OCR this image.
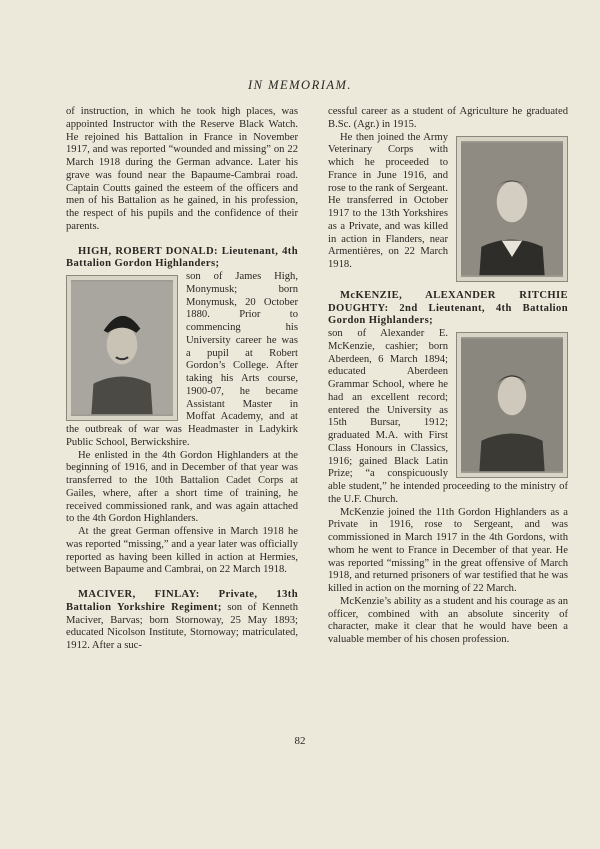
IN MEMORIAM.

of instruction, in which he took high places, was appointed Instructor with the Reserve Black Watch. He rejoined his Battalion in France in November 1917, and was reported “wounded and missing” on 22 March 1918 during the German advance. Later his grave was found near the Bapaume-Cambrai road. Captain Coutts gained the esteem of the officers and men of his Battalion as he gained, in his profession, the respect of his pupils and the confidence of their parents.

HIGH, ROBERT DONALD: Lieutenant, 4th Battalion Gordon Highlanders;

son of James High, Monymusk; born Monymusk, 20 October 1880. Prior to commencing his University career he was a pupil at Robert Gordon’s College. After taking his Arts course, 1900-07, he became Assistant Master in Moffat Academy, and at the outbreak of war was Headmaster in Ladykirk Public School, Berwickshire.

He enlisted in the 4th Gordon Highlanders at the beginning of 1916, and in December of that year was transferred to the 10th Battalion Cadet Corps at Gailes, where, after a short time of training, he received commissioned rank, and was again attached to the 4th Gordon Highlanders.

At the great German offensive in March 1918 he was reported “missing,” and a year later was officially reported as having been killed in action at Hermies, between Bapaume and Cambrai, on 22 March 1918.

MACIVER, FINLAY: Private, 13th Battalion Yorkshire Regiment; son of Kenneth Maciver, Barvas; born Stornoway, 25 May 1893; educated Nicolson Institute, Stornoway; matriculated, 1912. After a suc-

cessful career as a student of Agriculture he graduated B.Sc. (Agr.) in 1915.

He then joined the Army Veterinary Corps with which he proceeded to France in June 1916, and rose to the rank of Sergeant. He transferred in October 1917 to the 13th Yorkshires as a Private, and was killed in action in Flanders, near Armentières, on 22 March 1918.

McKENZIE, ALEXANDER RITCHIE DOUGHTY: 2nd Lieutenant, 4th Battalion Gordon Highlanders;

son of Alexander E. McKenzie, cashier; born Aberdeen, 6 March 1894; educated Aberdeen Grammar School, where he had an excellent record; entered the University as 15th Bursar, 1912; graduated M.A. with First Class Honours in Classics, 1916; gained Black Latin Prize; “a conspicuously able student,” he intended proceeding to the ministry of the U.F. Church.

McKenzie joined the 11th Gordon Highlanders as a Private in 1916, rose to Sergeant, and was commissioned in March 1917 in the 4th Gordons, with whom he went to France in December of that year. He was reported “missing” in the great offensive of March 1918, and returned prisoners of war testified that he was killed in action on the morning of 22 March.

McKenzie’s ability as a student and his courage as an officer, combined with an absolute sincerity of character, make it clear that he would have been a valuable member of his chosen profession.

82
